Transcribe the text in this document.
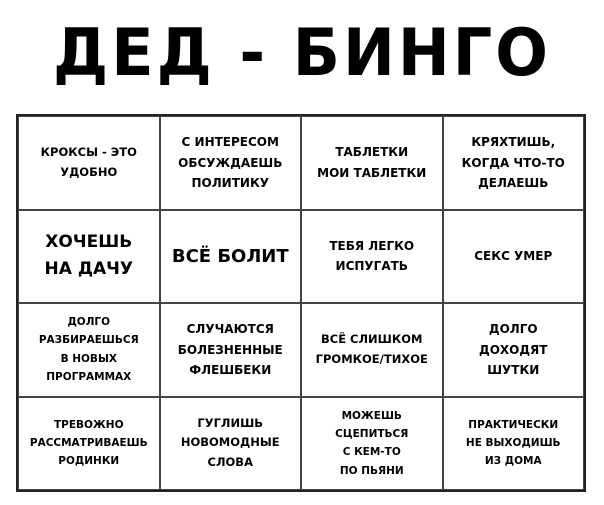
ДЕД - БИНГО
КРОКСЫ - ЭТО
УДОБНО
С ИНТЕРЕСОМ
ОБСУЖДАЕШЬ
ПОЛИТИКУ
ТАБЛЕТКИ
МОИ ТАБЛЕТКИ
КРЯХТИШЬ,
КОГДА ЧТО-ТО
ДЕЛАЕШЬ
ХОЧЕШЬ
НА ДАЧУ
ВСЁ БОЛИТ	ТЕБЯ ЛЕГКО
ИСПУГАТЬ
СЕКС УМЕР
ДОЛГО
РАЗБИРАЕШЬСЯ
В НОВЫХ
ПРОГРАММАХ
СЛУЧАЮТСЯ
БОЛЕЗНЕННЫЕ
ФЛЕШБЕКИ
ВСЁ СЛИШКОМ
ГРОМКОЕ/ТИХОЕ
ДОЛГО
ДОХОДЯТ
ШУТКИ
ТРЕВОЖНО
РАССМАТРИВАЕШЬ
РОДИНКИ
ГУГЛИШЬ
НОВОМОДНЫЕ
СЛОВА
МОЖЕШЬ
СЦЕПИТЬСЯ
С КЕМ-ТО
ПО ПЬЯНИ
ПРАКТИЧЕСКИ
НЕ ВЫХОДИШЬ
ИЗ ДОМА
